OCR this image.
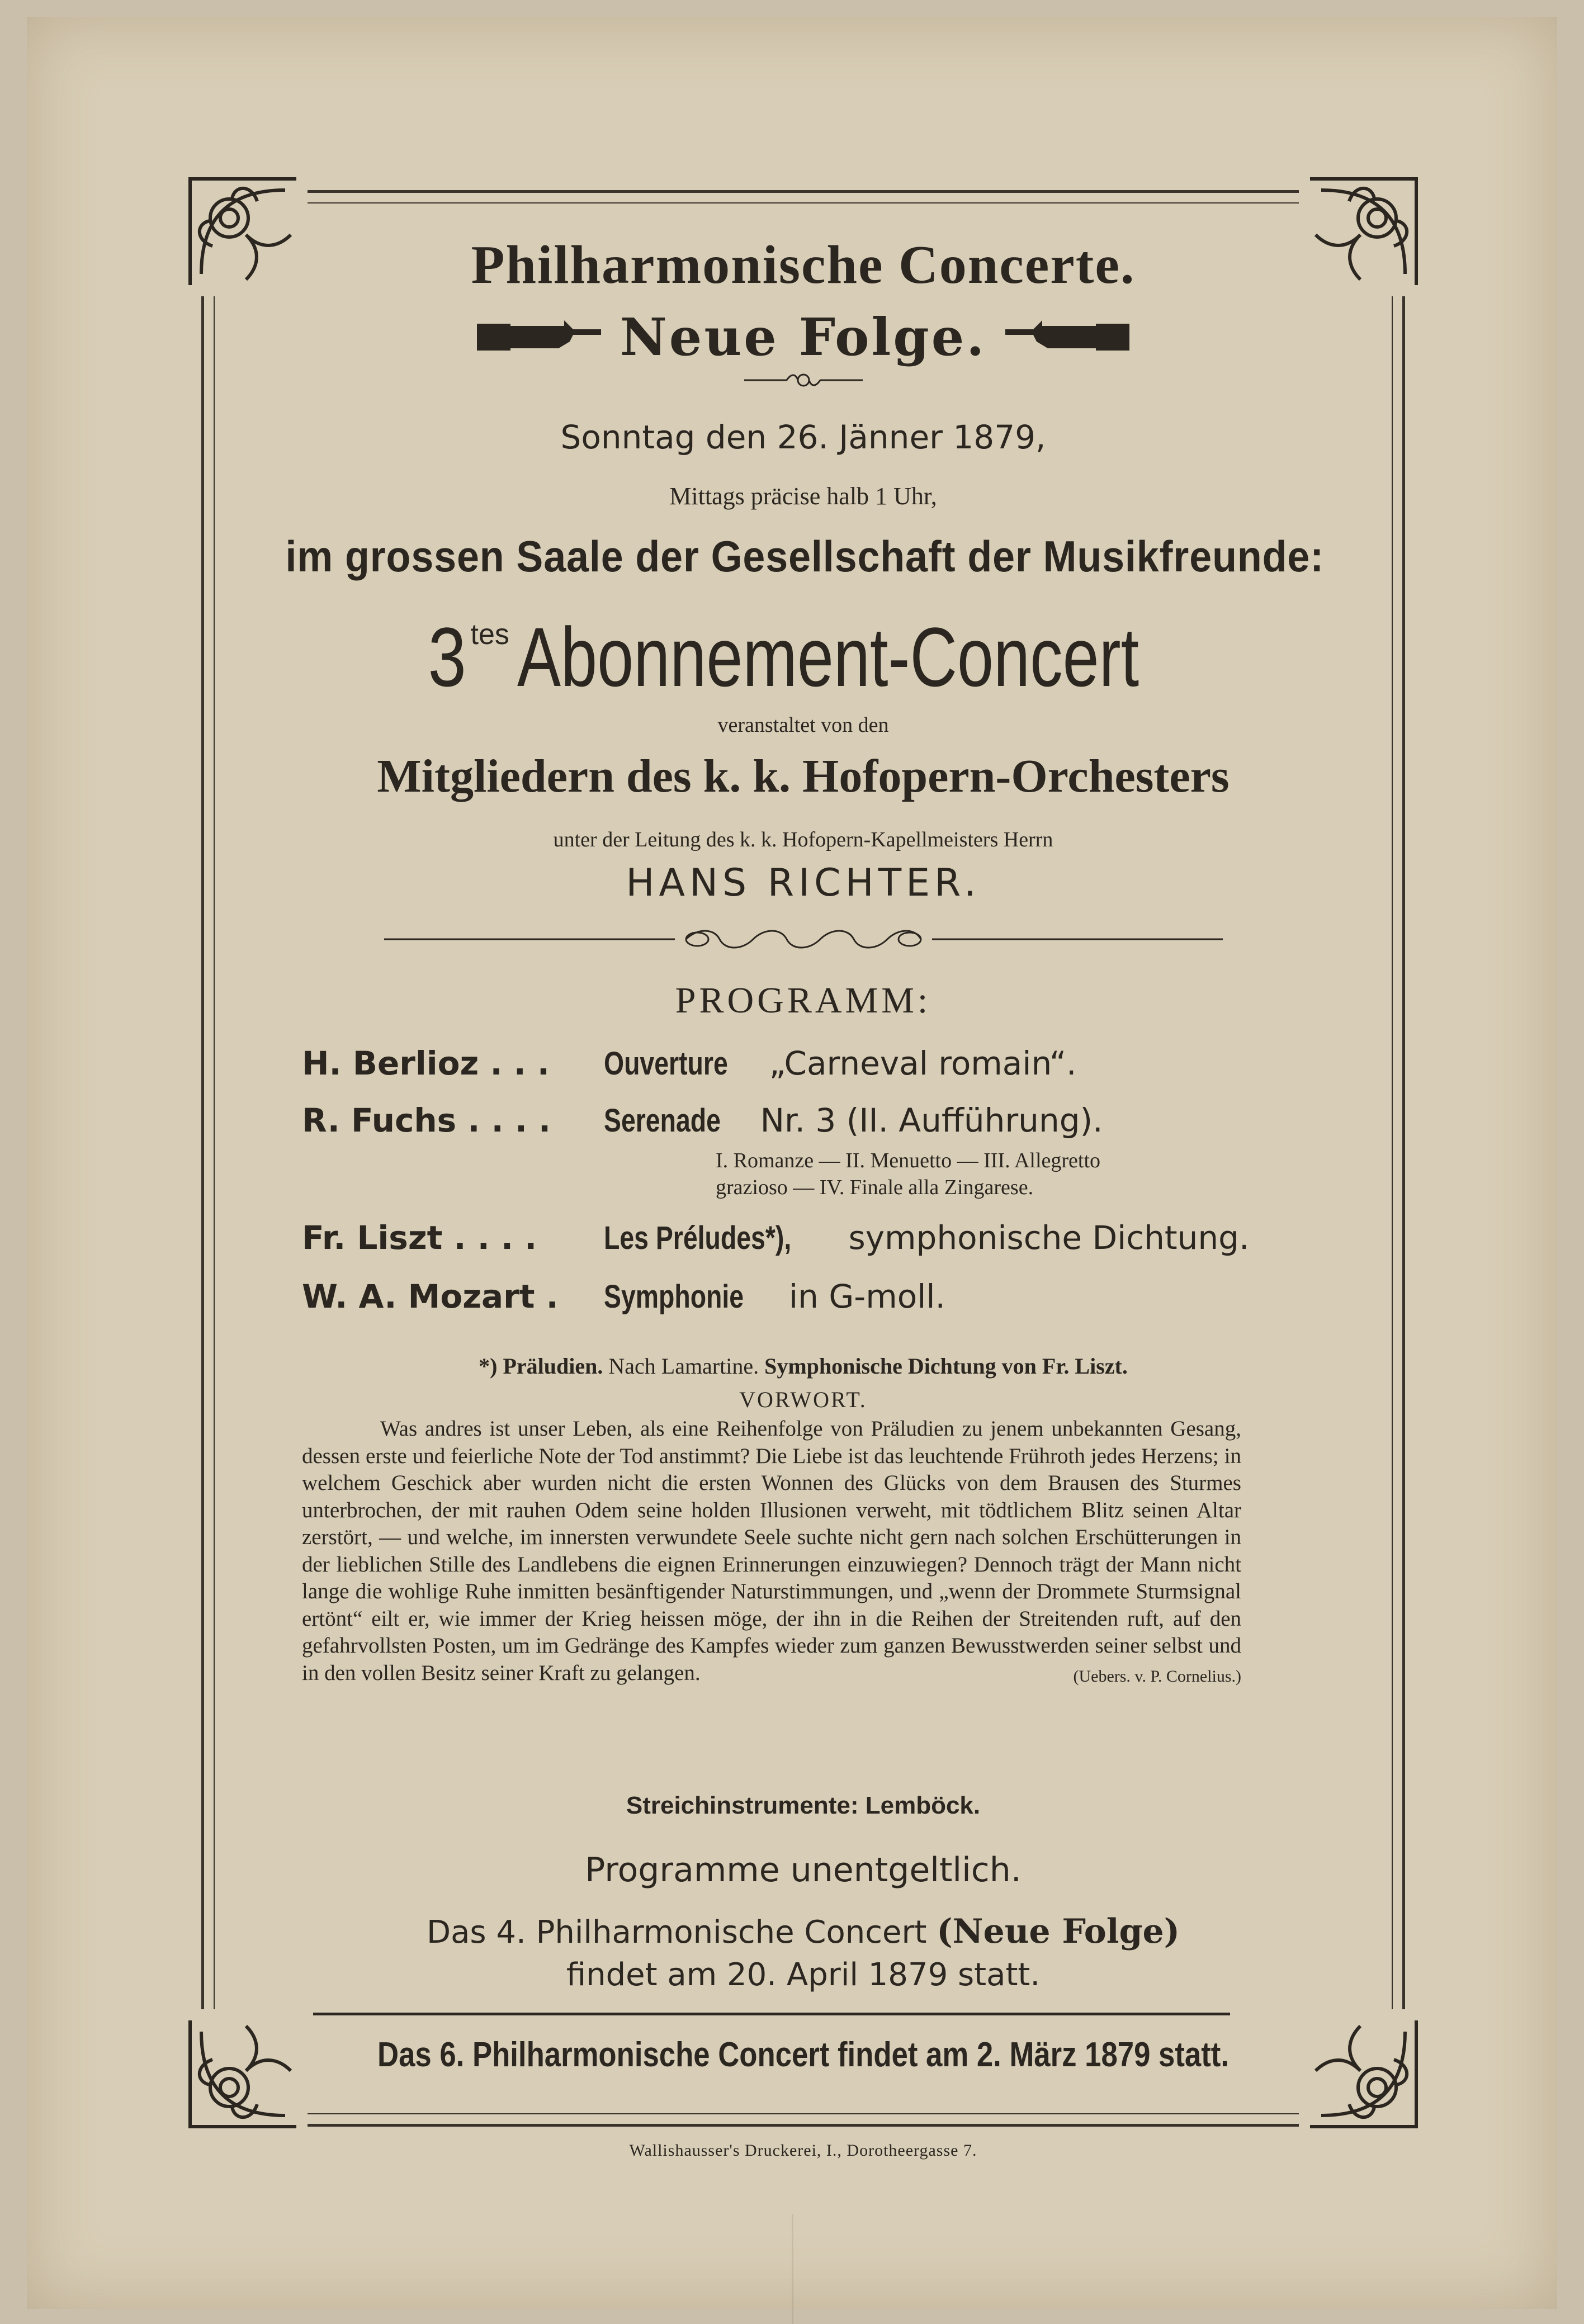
Philharmonische Concerte.
Neue Folge.

Sonntag den 26. Jänner 1879,

Mittags präcise halb 1 Uhr,

im grossen Saale der Gesellschaft der Musikfreunde:

3 tes Abonnement-Concert

veranstaltet von den

Mitgliedern des k. k. Hofopern-Orchesters

unter der Leitung des k. k. Hofopern-Kapellmeisters Herrn

HANS RICHTER.

PROGRAMM:

H. Berlioz . . . Ouverture „Carneval romain“.
R. Fuchs . . . . Serenade Nr. 3 (II. Aufführung).
I. Romanze — II. Menuetto — III. Allegretto
grazioso — IV. Finale alla Zingarese.
Fr. Liszt . . . . Les Préludes*), symphonische Dichtung.
W. A. Mozart . Symphonie in G-moll.

*) Präludien. Nach Lamartine. Symphonische Dichtung von Fr. Liszt.

VORWORT.

Was andres ist unser Leben, als eine Reihenfolge von Präludien zu jenem unbekannten Gesang, dessen erste und feierliche Note der Tod anstimmt? Die Liebe ist das leuchtende Frühroth jedes Herzens; in welchem Geschick aber wurden nicht die ersten Wonnen des Glücks von dem Brausen des Sturmes unterbrochen, der mit rauhen Odem seine holden Illusionen verweht, mit tödtlichem Blitz seinen Altar zerstört, — und welche, im innersten verwundete Seele suchte nicht gern nach solchen Erschütterungen in der lieblichen Stille des Landlebens die eignen Erinnerungen einzuwiegen? Dennoch trägt der Mann nicht lange die wohlige Ruhe inmitten besänftigender Naturstimmungen, und „wenn der Drommete Sturmsignal ertönt“ eilt er, wie immer der Krieg heissen möge, der ihn in die Reihen der Streitenden ruft, auf den gefahrvollsten Posten, um im Gedränge des Kampfes wieder zum ganzen Bewusstwerden seiner selbst und in den vollen Besitz seiner Kraft zu gelangen.	(Uebers. v. P. Cornelius.)

Streichinstrumente: Lemböck.

Programme unentgeltlich.

Das 4. Philharmonische Concert (Neue Folge)

findet am 20. April 1879 statt.

Das 6. Philharmonische Concert findet am 2. März 1879 statt.

Wallishausser's Druckerei, I., Dorotheergasse 7.
